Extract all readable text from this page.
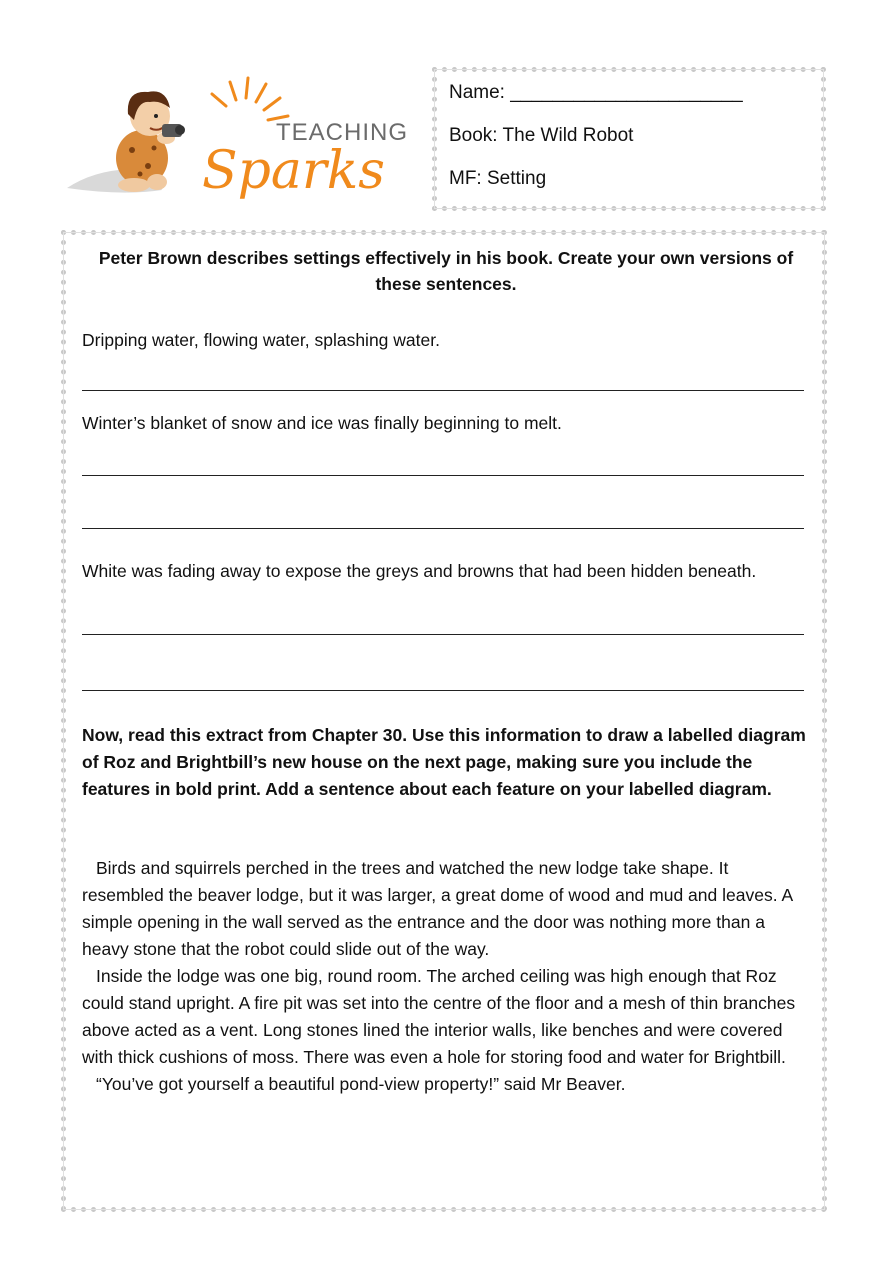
TEACHING
Sparks

Name: ______________________

Book: The Wild Robot

MF: Setting

Peter Brown describes settings effectively in his book. Create your own versions of these sentences.

Dripping water, flowing water, splashing water.

Winter’s blanket of snow and ice was finally beginning to melt.

White was fading away to expose the greys and browns that had been hidden beneath.

Now, read this extract from Chapter 30. Use this information to draw a labelled diagram of Roz and Brightbill’s new house on the next page, making sure you include the features in bold print. Add a sentence about each feature on your labelled diagram.

Birds and squirrels perched in the trees and watched the new lodge take shape. It resembled the beaver lodge, but it was larger, a great dome of wood and mud and leaves. A simple opening in the wall served as the entrance and the door was nothing more than a heavy stone that the robot could slide out of the way.

Inside the lodge was one big, round room. The arched ceiling was high enough that Roz could stand upright. A fire pit was set into the centre of the floor and a mesh of thin branches above acted as a vent. Long stones lined the interior walls, like benches and were covered with thick cushions of moss. There was even a hole for storing food and water for Brightbill.

“You’ve got yourself a beautiful pond-view property!” said Mr Beaver.
